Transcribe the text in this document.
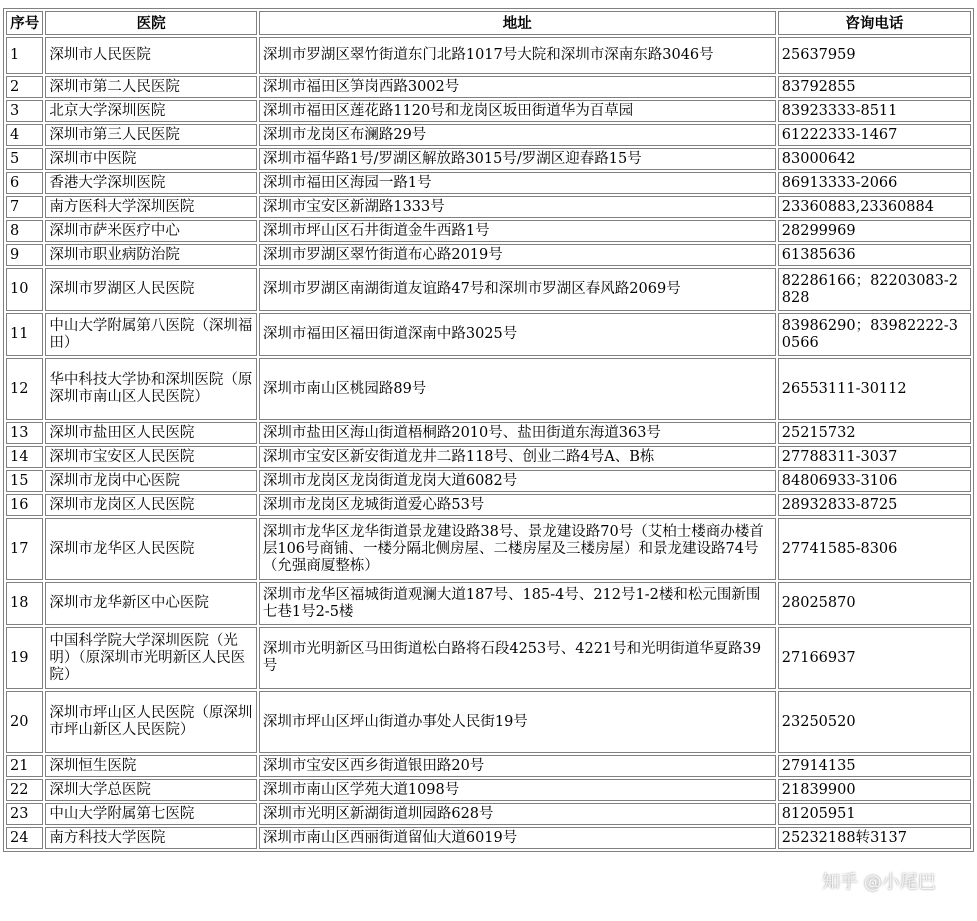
序号	医院	地址	咨询电话
1	深圳市人民医院	深圳市罗湖区翠竹街道东门北路1017号大院和深圳市深南东路3046号	25637959
2	深圳市第二人民医院	深圳市福田区笋岗西路3002号	83792855
3	北京大学深圳医院	深圳市福田区莲花路1120号和龙岗区坂田街道华为百草园	83923333-8511
4	深圳市第三人民医院	深圳市龙岗区布澜路29号	61222333-1467
5	深圳市中医院	深圳市福华路1号/罗湖区解放路3015号/罗湖区迎春路15号	83000642
6	香港大学深圳医院	深圳市福田区海园一路1号	86913333-2066
7	南方医科大学深圳医院	深圳市宝安区新湖路1333号	23360883,23360884
8	深圳市萨米医疗中心	深圳市坪山区石井街道金牛西路1号	28299969
9	深圳市职业病防治院	深圳市罗湖区翠竹街道布心路2019号	61385636
10	深圳市罗湖区人民医院	深圳市罗湖区南湖街道友谊路47号和深圳市罗湖区春风路2069号	82286166；82203083-2828
11	中山大学附属第八医院（深圳福田）	深圳市福田区福田街道深南中路3025号	83986290；83982222-30566
12	华中科技大学协和深圳医院（原深圳市南山区人民医院）	深圳市南山区桃园路89号	26553111-30112
13	深圳市盐田区人民医院	深圳市盐田区海山街道梧桐路2010号、盐田街道东海道363号	25215732
14	深圳市宝安区人民医院	深圳市宝安区新安街道龙井二路118号、创业二路4号A、B栋	27788311-3037
15	深圳市龙岗中心医院	深圳市龙岗区龙岗街道龙岗大道6082号	84806933-3106
16	深圳市龙岗区人民医院	深圳市龙岗区龙城街道爱心路53号	28932833-8725
17	深圳市龙华区人民医院	深圳市龙华区龙华街道景龙建设路38号、景龙建设路70号（艾柏士楼商办楼首层106号商铺、一楼分隔北侧房屋、二楼房屋及三楼房屋）和景龙建设路74号（允强商厦整栋）	27741585-8306
18	深圳市龙华新区中心医院	深圳市龙华区福城街道观澜大道187号、185-4号、212号1-2楼和松元围新围七巷1号2-5楼	28025870
19	中国科学院大学深圳医院（光明）（原深圳市光明新区人民医院）	深圳市光明新区马田街道松白路将石段4253号、4221号和光明街道华夏路39号	27166937
20	深圳市坪山区人民医院（原深圳市坪山新区人民医院）	深圳市坪山区坪山街道办事处人民街19号	23250520
21	深圳恒生医院	深圳市宝安区西乡街道银田路20号	27914135
22	深圳大学总医院	深圳市南山区学苑大道1098号	21839900
23	中山大学附属第七医院	深圳市光明区新湖街道圳园路628号	81205951
24	南方科技大学医院	深圳市南山区西丽街道留仙大道6019号	25232188转3137
知乎 @小尾巴
